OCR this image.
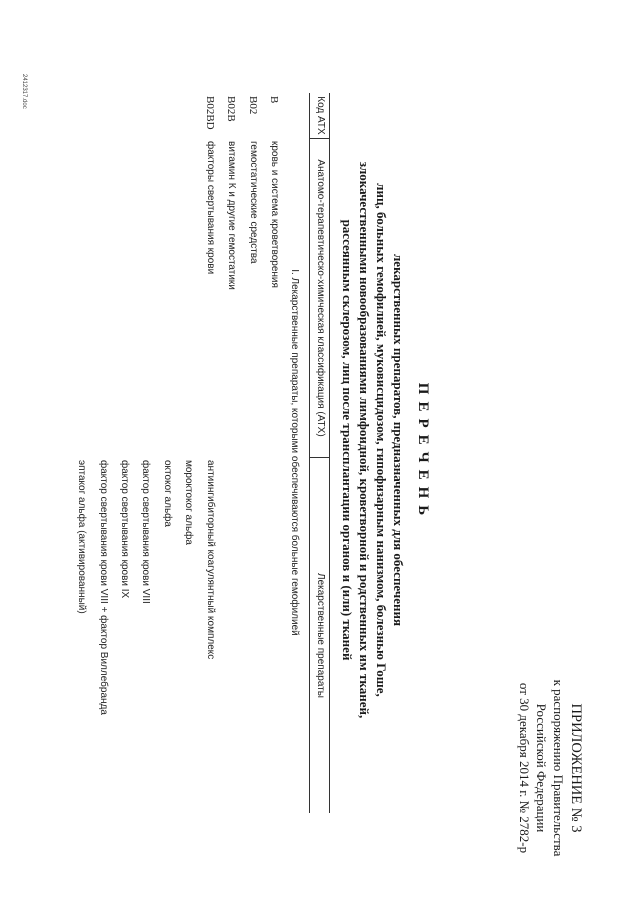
ПРИЛОЖЕНИЕ № 3
к распоряжению Правительства
Российской Федерации
от 30 декабря 2014 г. № 2782-р
ПЕРЕЧЕНЬ
лекарственных препаратов, предназначенных для обеспечения
лиц, больных гемофилией, муковисцидозом, гипофизарным нанизмом, болезнью Гоше,
злокачественными новообразованиями лимфоидной, кроветворной и родственных им тканей,
рассеянным склерозом, лиц после трансплантации органов и (или) тканей
Код АТХ
Анатомо-терапевтическо-химическая классификация (АТХ)
Лекарственные препараты
I. Лекарственные препараты, которыми обеспечиваются больные гемофилией
B
кровь и система кроветворения
B02
гемостатические средства
B02B
витамин К и другие гемостатики
B02BD
факторы свертывания крови
антиингибиторный коагулянтный комплекс
мороктоког альфа
октоког альфа
фактор свертывания крови VIII
фактор свертывания крови IX
фактор свертывания крови VIII + фактор Виллебранда
эптаког альфа (активированный)
2412317.doc
